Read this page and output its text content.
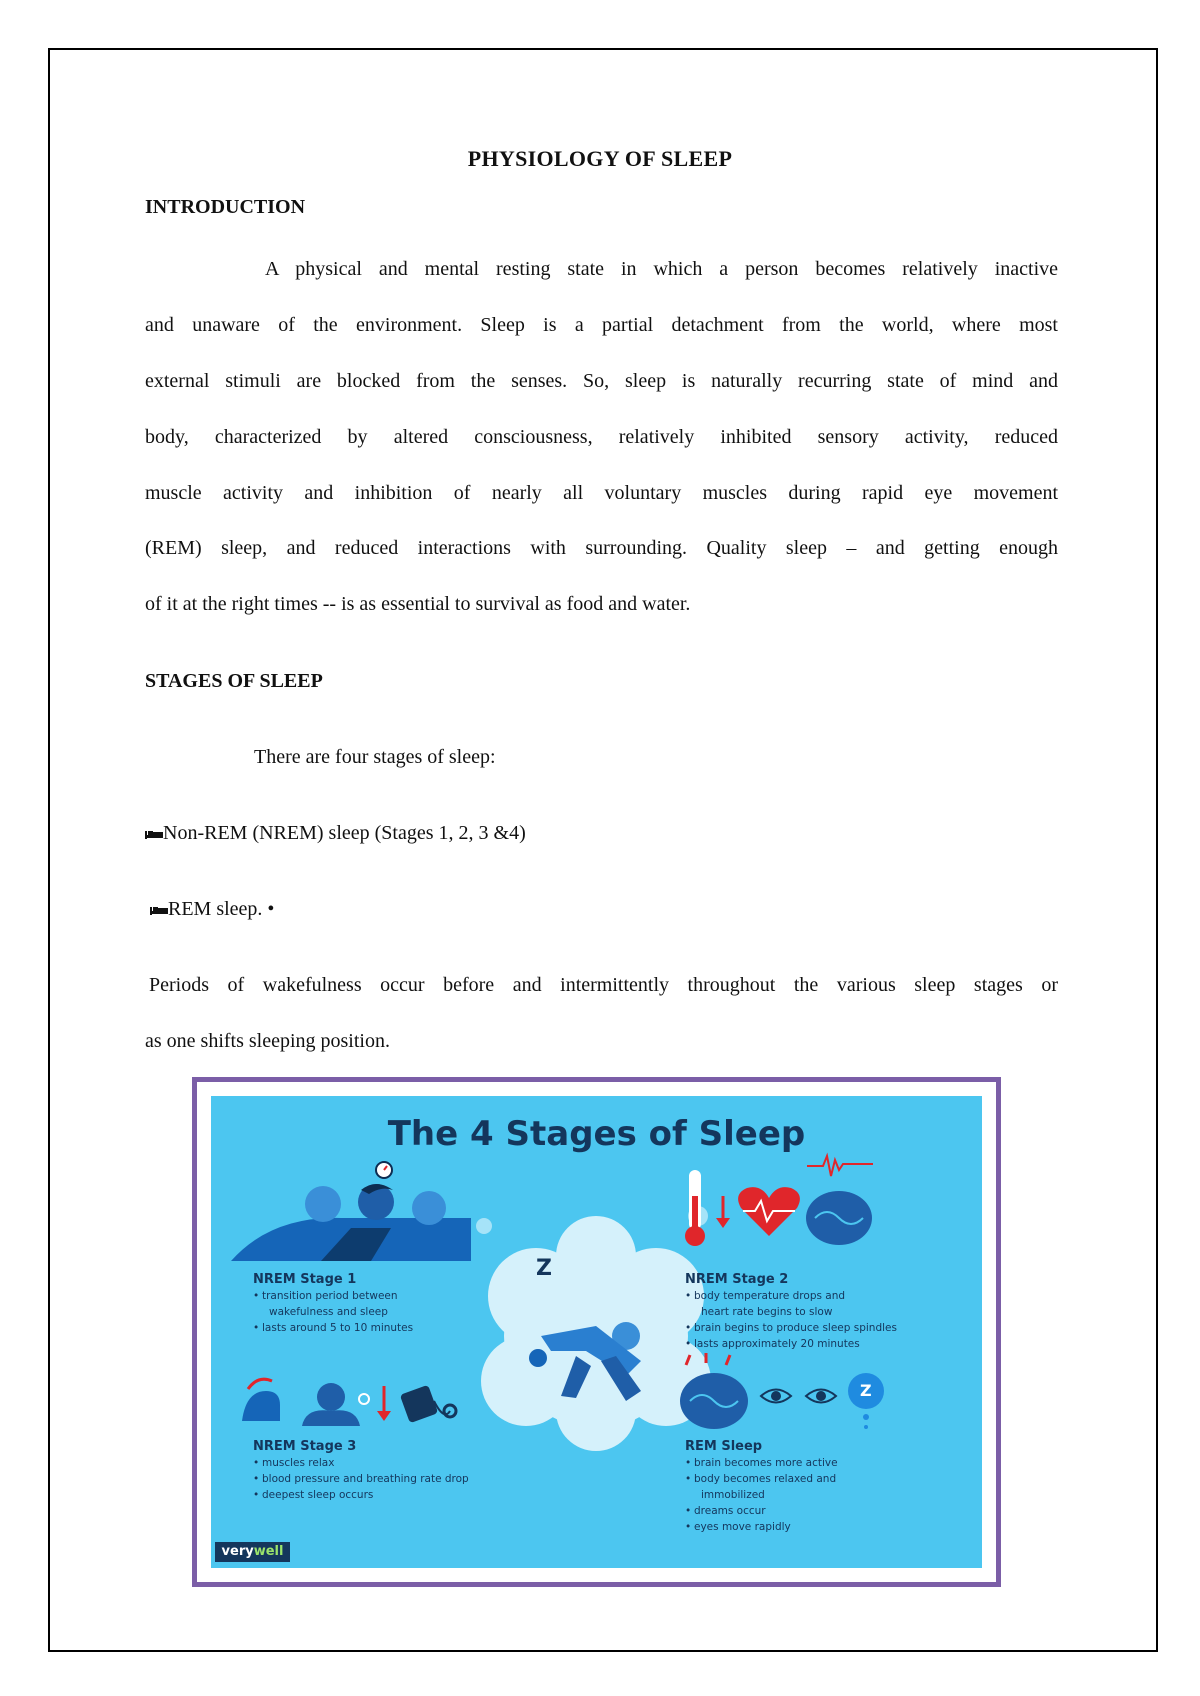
PHYSIOLOGY OF SLEEP
INTRODUCTION
A physical and mental resting state in which a person becomes relatively inactive
and unaware of the environment. Sleep is a partial detachment from the world, where most
external stimuli are blocked from the senses. So, sleep is naturally recurring state of mind and
body, characterized by altered consciousness, relatively inhibited sensory activity, reduced
muscle activity and inhibition of nearly all voluntary muscles during rapid eye movement
(REM) sleep, and reduced interactions with surrounding. Quality sleep – and getting enough
of it at the right times -- is as essential to survival as food and water.
STAGES OF SLEEP
There are four stages of sleep:
Non-REM (NREM) sleep (Stages 1, 2, 3 &4)
REM sleep. •
Periods of wakefulness occur before and intermittently throughout the various sleep stages or
as one shifts sleeping position.
The 4 Stages of Sleep
NREM Stage 1
• transition period between
wakefulness and sleep
• lasts around 5 to 10 minutes
Z	NREM Stage 2
• body temperature drops and
heart rate begins to slow
• brain begins to produce sleep spindles
• lasts approximately 20 minutes
NREM Stage 3
• muscles relax
• blood pressure and breathing rate drop
• deepest sleep occurs
Z
REM Sleep
• brain becomes more active
• body becomes relaxed and
immobilized
• dreams occur
• eyes move rapidly
verywell
